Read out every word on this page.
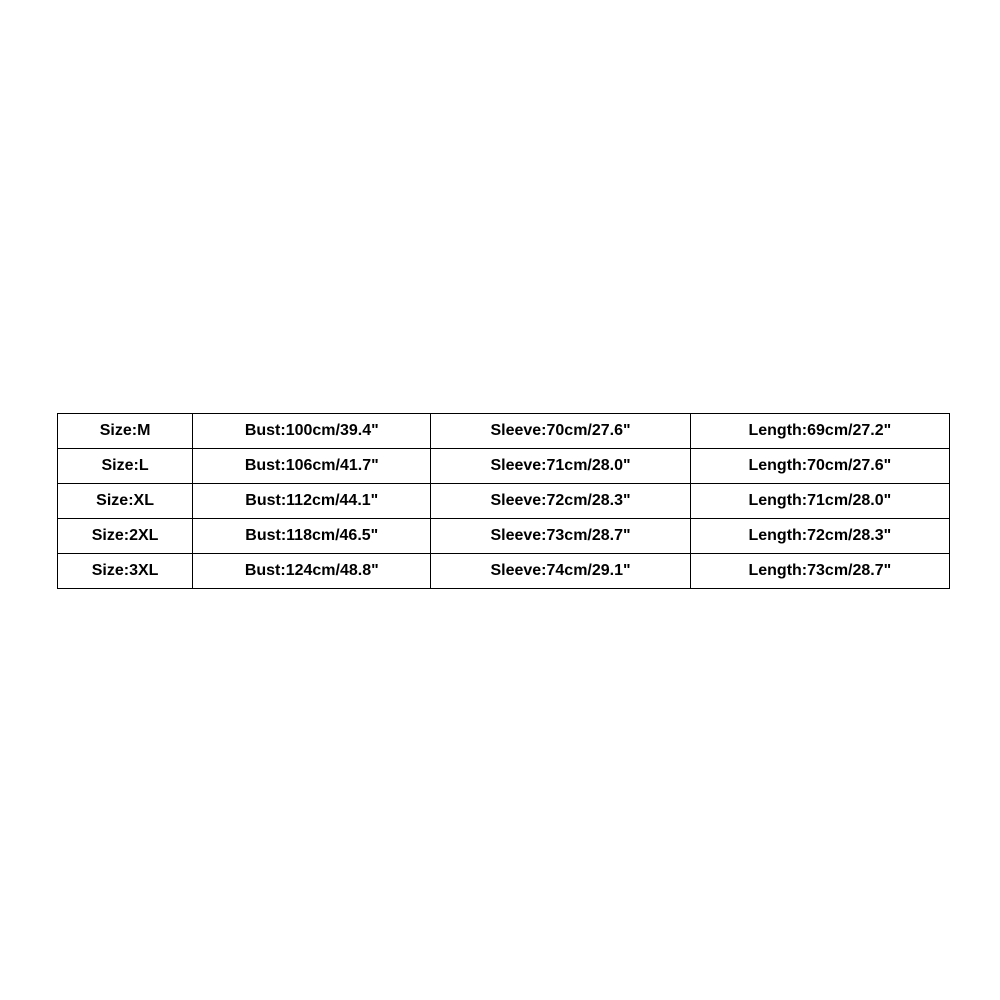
Size:M	Bust:100cm/39.4"	Sleeve:70cm/27.6"	Length:69cm/27.2"
Size:L	Bust:106cm/41.7"	Sleeve:71cm/28.0"	Length:70cm/27.6"
Size:XL	Bust:112cm/44.1"	Sleeve:72cm/28.3"	Length:71cm/28.0"
Size:2XL	Bust:118cm/46.5"	Sleeve:73cm/28.7"	Length:72cm/28.3"
Size:3XL	Bust:124cm/48.8"	Sleeve:74cm/29.1"	Length:73cm/28.7"
